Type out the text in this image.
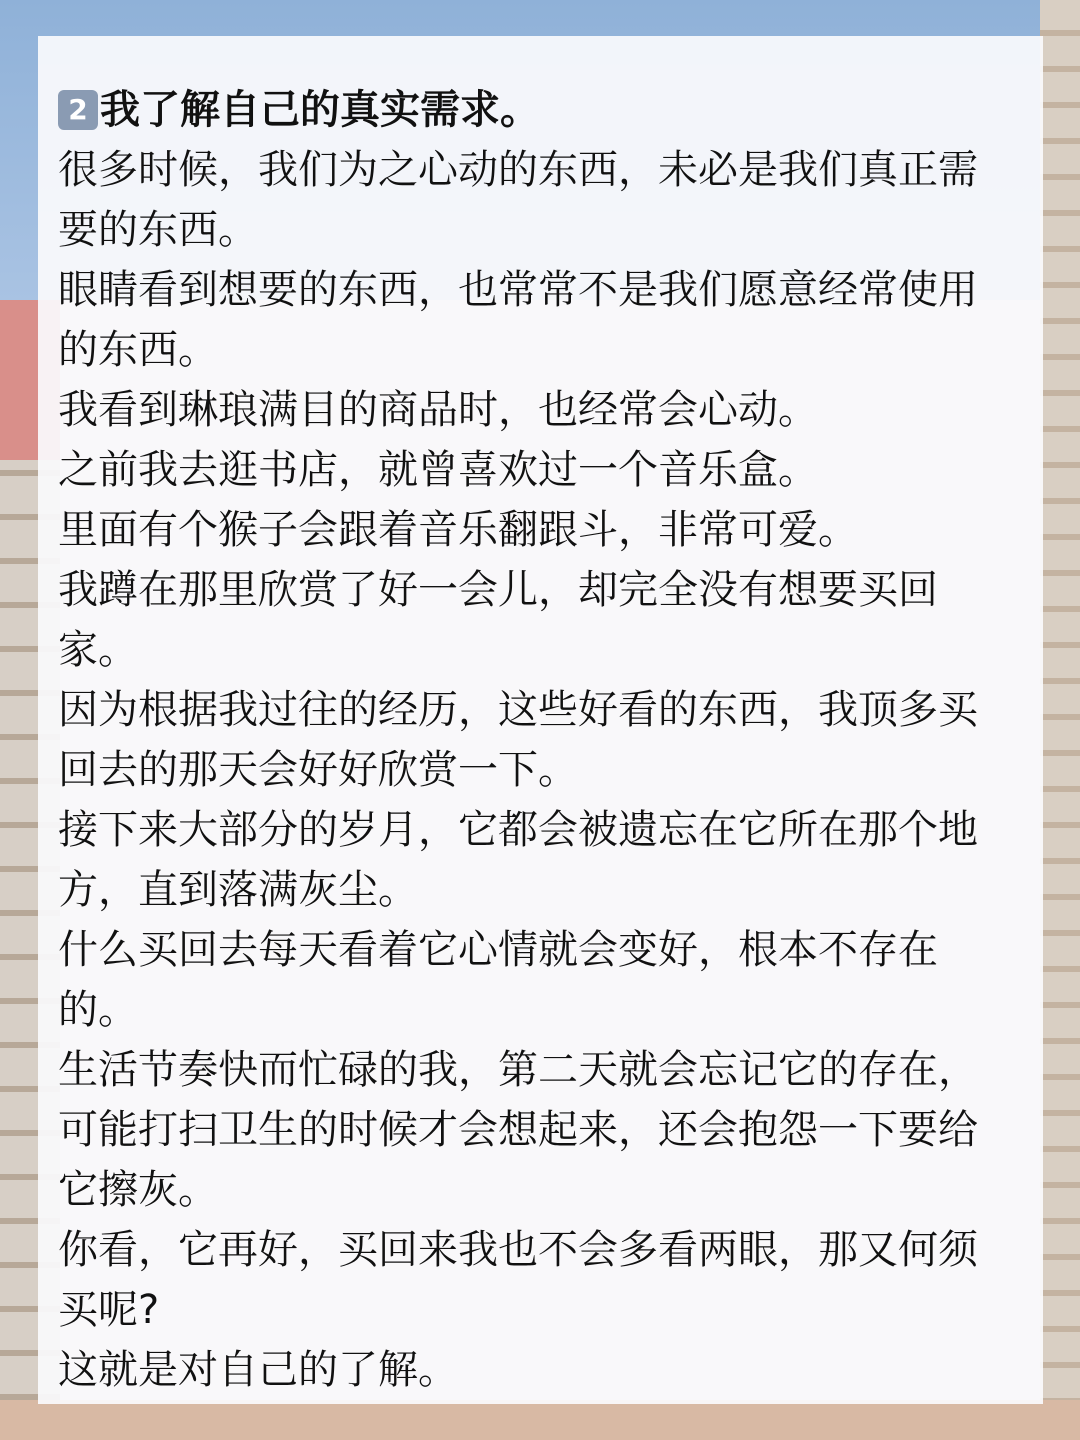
2 我了解自己的真实需求。

很多时候，我们为之心动的东西，未必是我们真正需要的东西。

眼睛看到想要的东西，也常常不是我们愿意经常使用的东西。

我看到琳琅满目的商品时，也经常会心动。

之前我去逛书店，就曾喜欢过一个音乐盒。

里面有个猴子会跟着音乐翻跟斗，非常可爱。

我蹲在那里欣赏了好一会儿，却完全没有想要买回家。

因为根据我过往的经历，这些好看的东西，我顶多买回去的那天会好好欣赏一下。

接下来大部分的岁月，它都会被遗忘在它所在那个地方，直到落满灰尘。

什么买回去每天看着它心情就会变好，根本不存在的。

生活节奏快而忙碌的我，第二天就会忘记它的存在，可能打扫卫生的时候才会想起来，还会抱怨一下要给它擦灰。

你看，它再好，买回来我也不会多看两眼，那又何须买呢?

这就是对自己的了解。
